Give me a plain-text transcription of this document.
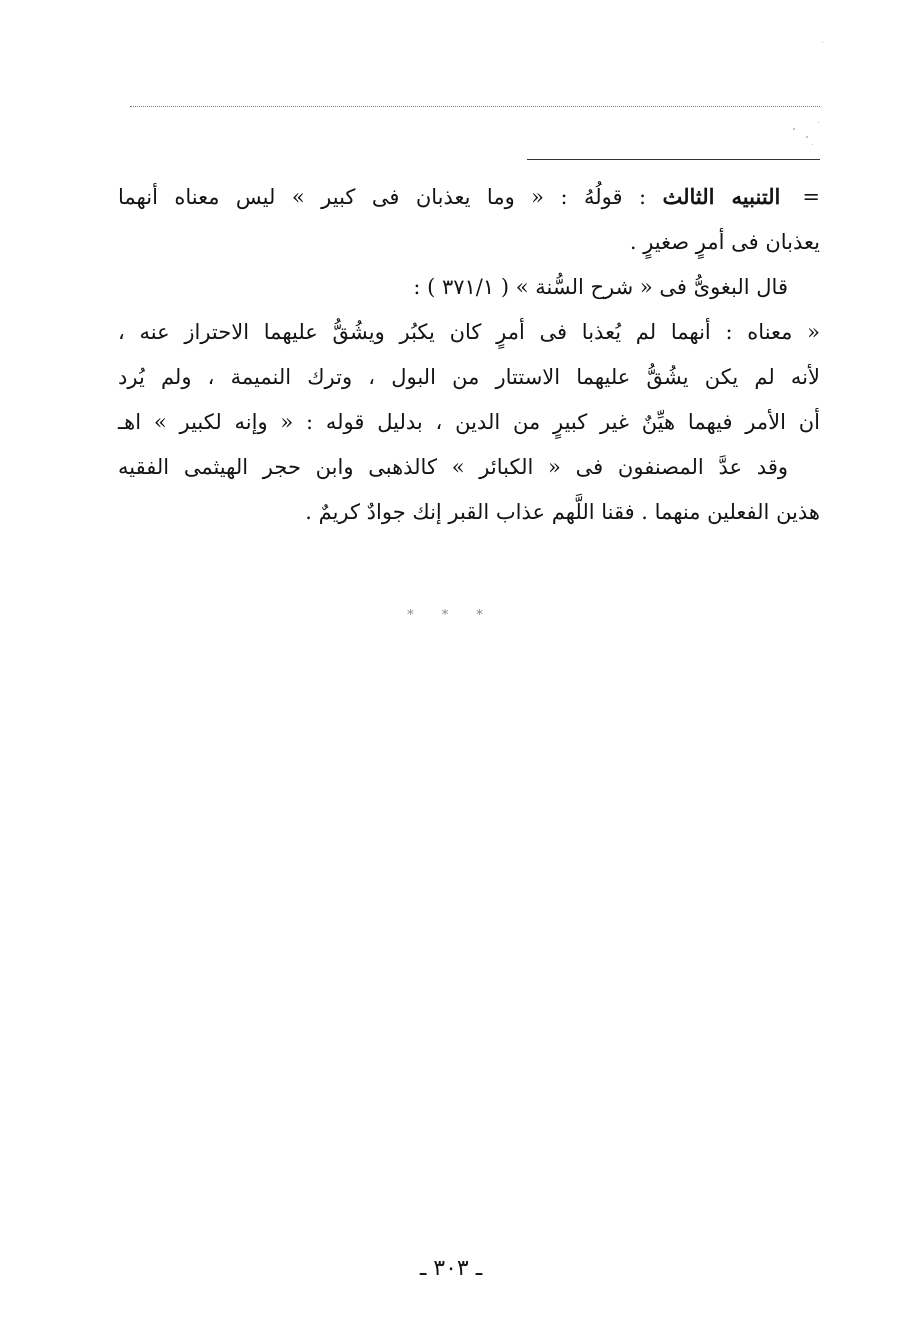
=التنبيه الثالث : قولُهُ : « وما يعذبان فى كبير » ليس معناه أنهما
يعذبان فى أمرٍ صغيرٍ .
قال البغوىُّ فى « شرح السُّنة » ( ٣٧١/١ ) :
« معناه : أنهما لم يُعذبا فى أمرٍ كان يكبُر ويشُقُّ عليهما الاحتراز عنه ،
لأنه لم يكن يشُقُّ عليهما الاستتار من البول ، وترك النميمة ، ولم يُرد
أن الأمر فيهما هيِّنٌ غير كبيرٍ من الدين ، بدليل قوله : « وإنه لكبير » اهـ
وقد عدَّ المصنفون فى « الكبائر » كالذهبى وابن حجر الهيثمى الفقيه
هذين الفعلين منهما . فقنا اللَّهم عذاب القبر إنك جوادٌ كريمٌ .
* * *
ـ ٣٠٣ ـ
